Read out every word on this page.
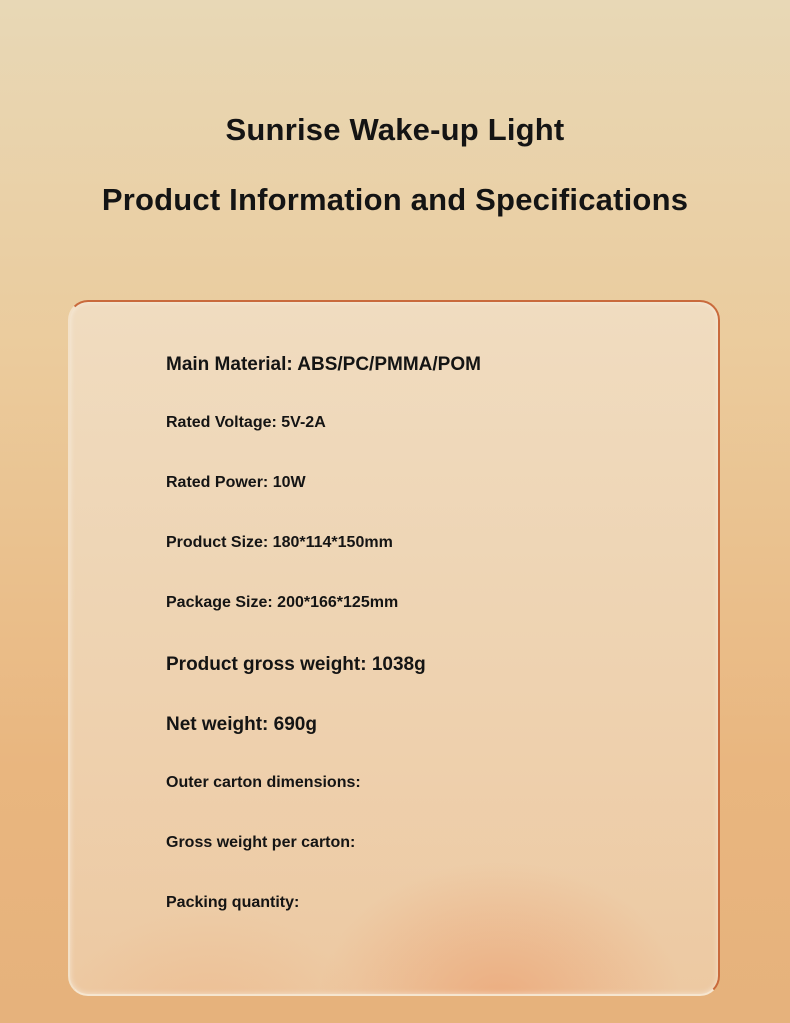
Sunrise Wake-up Light
Product Information and Specifications
Main Material: ABS/PC/PMMA/POM
Rated Voltage: 5V-2A
Rated Power: 10W
Product Size: 180*114*150mm
Package Size: 200*166*125mm
Product gross weight: 1038g
Net weight: 690g
Outer carton dimensions:
Gross weight per carton:
Packing quantity:
